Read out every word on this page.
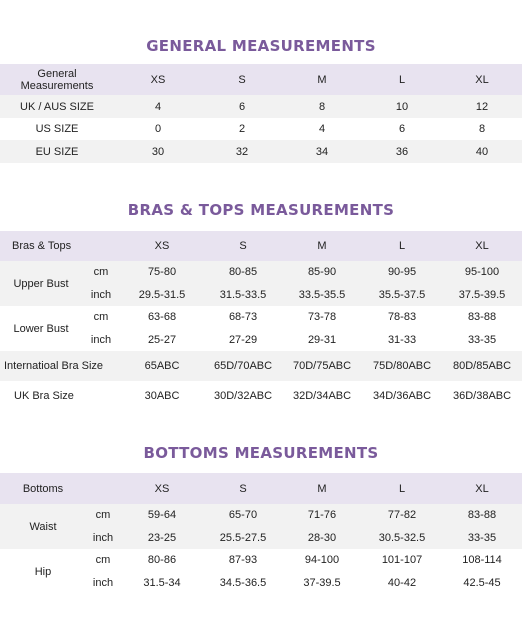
GENERAL MEASUREMENTS
General Measurements	XS	S	M	L	XL
UK / AUS SIZE	4	6	8	10	12
US SIZE	0	2	4	6	8
EU SIZE	30	32	34	36	40
BRAS & TOPS MEASUREMENTS
Bras & Tops		XS	S	M	L	XL
Upper Bust	cm	75-80	80-85	85-90	90-95	95-100
	inch	29.5-31.5	31.5-33.5	33.5-35.5	35.5-37.5	37.5-39.5
Lower Bust	cm	63-68	68-73	73-78	78-83	83-88
	inch	25-27	27-29	29-31	31-33	33-35
Internatioal Bra Size		65ABC	65D/70ABC	70D/75ABC	75D/80ABC	80D/85ABC
UK Bra Size		30ABC	30D/32ABC	32D/34ABC	34D/36ABC	36D/38ABC
BOTTOMS MEASUREMENTS
Bottoms		XS	S	M	L	XL
Waist	cm	59-64	65-70	71-76	77-82	83-88
	inch	23-25	25.5-27.5	28-30	30.5-32.5	33-35
Hip	cm	80-86	87-93	94-100	101-107	108-114
	inch	31.5-34	34.5-36.5	37-39.5	40-42	42.5-45
